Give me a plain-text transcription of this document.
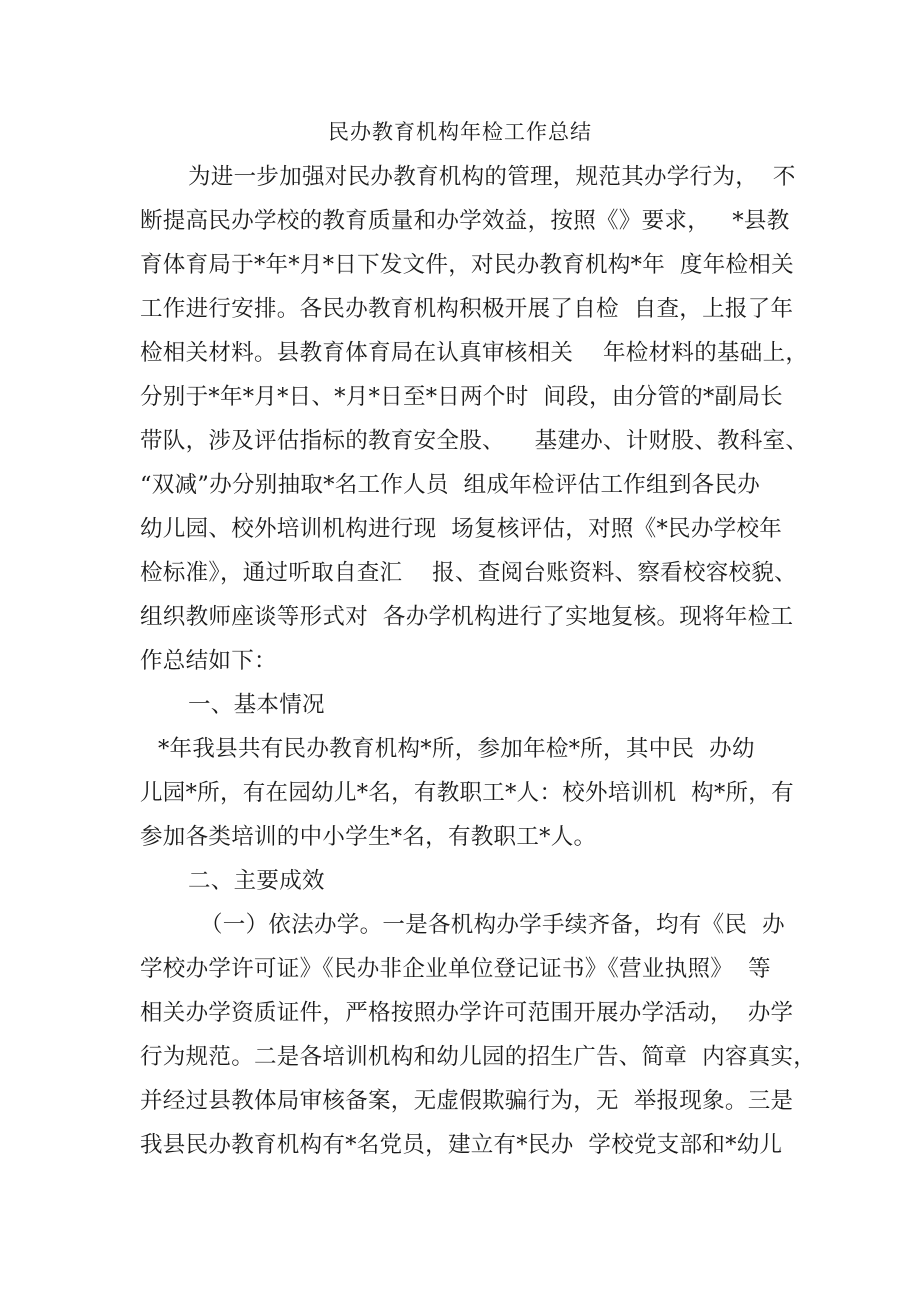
民办教育机构年检工作总结
为进一步加强对民办教育机构的管理，规范其办学行为，  不
断提高民办学校的教育质量和办学效益，按照《》要求，   *县教
育体育局于*年*月*日下发文件，对民办教育机构*年  度年检相关
工作进行安排。各民办教育机构积极开展了自检  自查，上报了年
检相关材料。县教育体育局在认真审核相关    年检材料的基础上，
分别于*年*月*日、*月*日至*日两个时  间段，由分管的*副局长
带队，涉及评估指标的教育安全股、    基建办、计财股、教科室、
“双减”办分别抽取*名工作人员  组成年检评估工作组到各民办
幼儿园、校外培训机构进行现  场复核评估，对照《*民办学校年
检标准》，通过听取自查汇    报、查阅台账资料、察看校容校貌、
组织教师座谈等形式对  各办学机构进行了实地复核。现将年检工
作总结如下：
一、基本情况
*年我县共有民办教育机构*所，参加年检*所，其中民  办幼
儿园*所，有在园幼儿*名，有教职工*人：校外培训机  构*所，有
参加各类培训的中小学生*名，有教职工*人。
二、主要成效
（一）依法办学。一是各机构办学手续齐备，均有《民  办
学校办学许可证》《民办非企业单位登记证书》《营业执照》  等
相关办学资质证件，严格按照办学许可范围开展办学活动，  办学
行为规范。二是各培训机构和幼儿园的招生广告、简章  内容真实，
并经过县教体局审核备案，无虚假欺骗行为，无  举报现象。三是
我县民办教育机构有*名党员，建立有*民办  学校党支部和*幼儿
